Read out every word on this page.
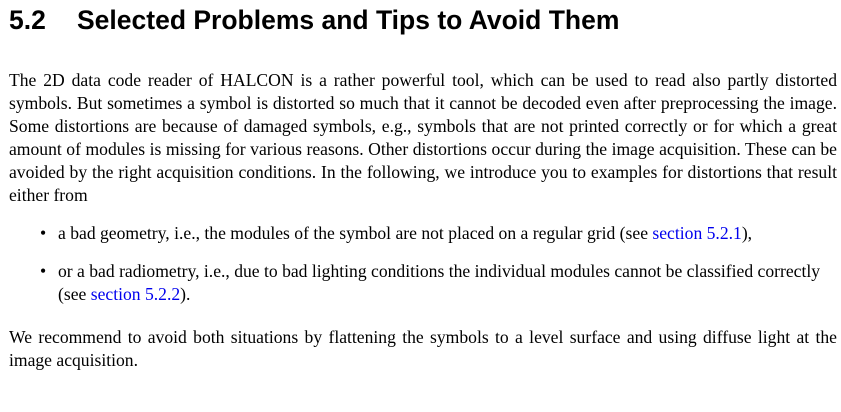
5.2 Selected Problems and Tips to Avoid Them

The 2D data code reader of HALCON is a rather powerful tool, which can be used to read also partly distorted symbols. But sometimes a symbol is distorted so much that it cannot be decoded even after preprocessing the image. Some distortions are because of damaged symbols, e.g., symbols that are not printed correctly or for which a great amount of modules is missing for various reasons. Other distortions occur during the image acquisition. These can be avoided by the right acquisition conditions. In the following, we introduce you to examples for distortions that result either from

• a bad geometry, i.e., the modules of the symbol are not placed on a regular grid (see section 5.2.1),
• or a bad radiometry, i.e., due to bad lighting conditions the individual modules cannot be classified correctly (see section 5.2.2).

We recommend to avoid both situations by flattening the symbols to a level surface and using diffuse light at the image acquisition.
